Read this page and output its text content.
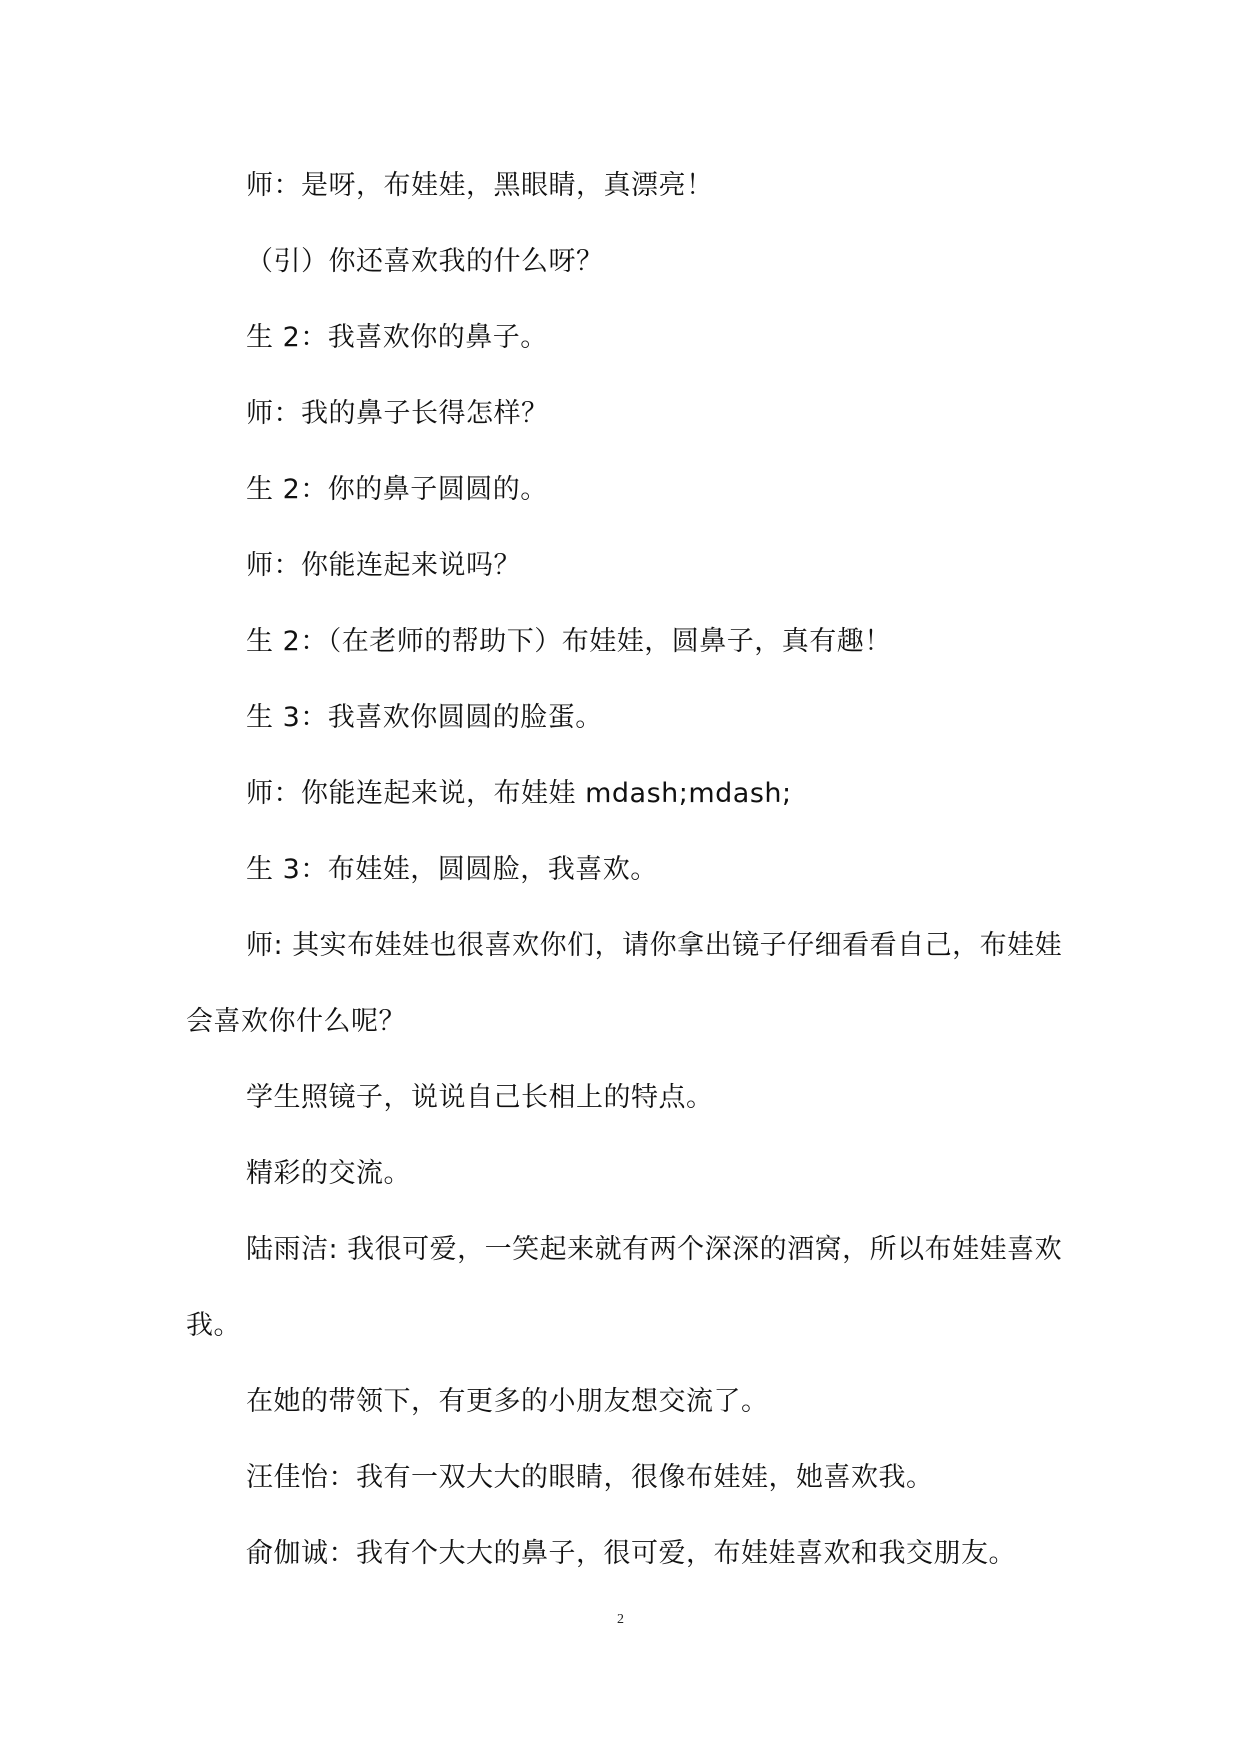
师：是呀，布娃娃，黑眼睛，真漂亮！

（引）你还喜欢我的什么呀？

生 2：我喜欢你的鼻子。

师：我的鼻子长得怎样？

生 2：你的鼻子圆圆的。

师：你能连起来说吗？

生 2：（在老师的帮助下）布娃娃，圆鼻子，真有趣！

生 3：我喜欢你圆圆的脸蛋。

师：你能连起来说，布娃娃 mdash;mdash;

生 3：布娃娃，圆圆脸，我喜欢。

师: 其实布娃娃也很喜欢你们，请你拿出镜子仔细看看自己，布娃娃会喜欢你什么呢？

学生照镜子，说说自己长相上的特点。

精彩的交流。

陆雨洁: 我很可爱，一笑起来就有两个深深的酒窝，所以布娃娃喜欢我。

在她的带领下，有更多的小朋友想交流了。

汪佳怡：我有一双大大的眼睛，很像布娃娃，她喜欢我。

俞伽诚：我有个大大的鼻子，很可爱，布娃娃喜欢和我交朋友。

2
